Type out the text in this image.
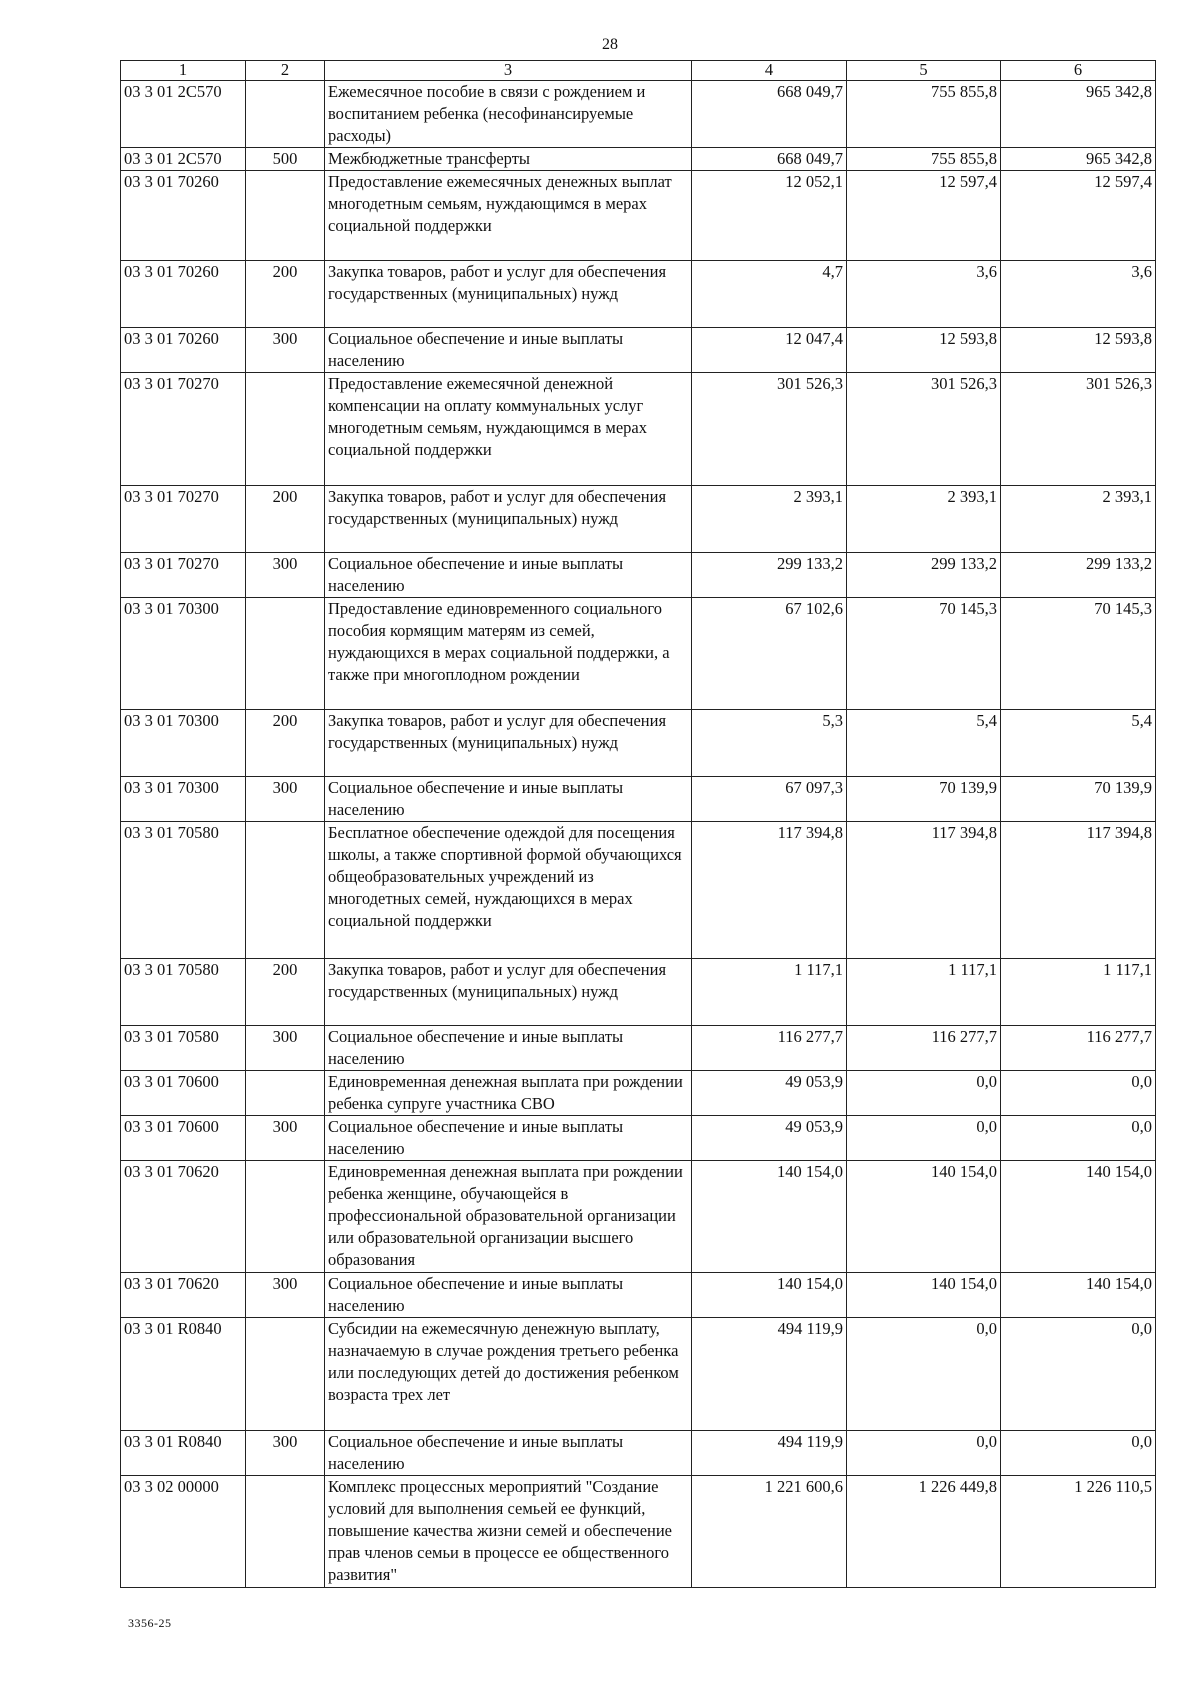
28
1	2	3	4	5	6
03 3 01 2С570		Ежемесячное пособие в связи с рождением и воспитанием ребенка (несофинансируемые расходы)	668 049,7	755 855,8	965 342,8
03 3 01 2С570	500	Межбюджетные трансферты	668 049,7	755 855,8	965 342,8
03 3 01 70260		Предоставление ежемесячных денежных выплат многодетным семьям, нуждающимся в мерах социальной поддержки	12 052,1	12 597,4	12 597,4
03 3 01 70260	200	Закупка товаров, работ и услуг для обеспечения государственных (муниципальных) нужд	4,7	3,6	3,6
03 3 01 70260	300	Социальное обеспечение и иные выплаты населению	12 047,4	12 593,8	12 593,8
03 3 01 70270		Предоставление ежемесячной денежной компенсации на оплату коммунальных услуг многодетным семьям, нуждающимся в мерах социальной поддержки	301 526,3	301 526,3	301 526,3
03 3 01 70270	200	Закупка товаров, работ и услуг для обеспечения государственных (муниципальных) нужд	2 393,1	2 393,1	2 393,1
03 3 01 70270	300	Социальное обеспечение и иные выплаты населению	299 133,2	299 133,2	299 133,2
03 3 01 70300		Предоставление единовременного социального пособия кормящим матерям из семей, нуждающихся в мерах социальной поддержки, а также при многоплодном рождении	67 102,6	70 145,3	70 145,3
03 3 01 70300	200	Закупка товаров, работ и услуг для обеспечения государственных (муниципальных) нужд	5,3	5,4	5,4
03 3 01 70300	300	Социальное обеспечение и иные выплаты населению	67 097,3	70 139,9	70 139,9
03 3 01 70580		Бесплатное обеспечение одеждой для посещения школы, а также спортивной формой обучающихся общеобразовательных учреждений из многодетных семей, нуждающихся в мерах социальной поддержки	117 394,8	117 394,8	117 394,8
03 3 01 70580	200	Закупка товаров, работ и услуг для обеспечения государственных (муниципальных) нужд	1 117,1	1 117,1	1 117,1
03 3 01 70580	300	Социальное обеспечение и иные выплаты населению	116 277,7	116 277,7	116 277,7
03 3 01 70600		Единовременная денежная выплата при рождении ребенка супруге участника СВО	49 053,9	0,0	0,0
03 3 01 70600	300	Социальное обеспечение и иные выплаты населению	49 053,9	0,0	0,0
03 3 01 70620		Единовременная денежная выплата при рождении ребенка женщине, обучающейся в профессиональной образовательной организации или образовательной организации высшего образования	140 154,0	140 154,0	140 154,0
03 3 01 70620	300	Социальное обеспечение и иные выплаты населению	140 154,0	140 154,0	140 154,0
03 3 01 R0840		Субсидии на ежемесячную денежную выплату, назначаемую в случае рождения третьего ребенка или последующих детей до достижения ребенком возраста трех лет	494 119,9	0,0	0,0
03 3 01 R0840	300	Социальное обеспечение и иные выплаты населению	494 119,9	0,0	0,0
03 3 02 00000		Комплекс процессных мероприятий "Создание условий для выполнения семьей ее функций, повышение качества жизни семей и обеспечение прав членов семьи в процессе ее общественного развития"	1 221 600,6	1 226 449,8	1 226 110,5
3356-25
